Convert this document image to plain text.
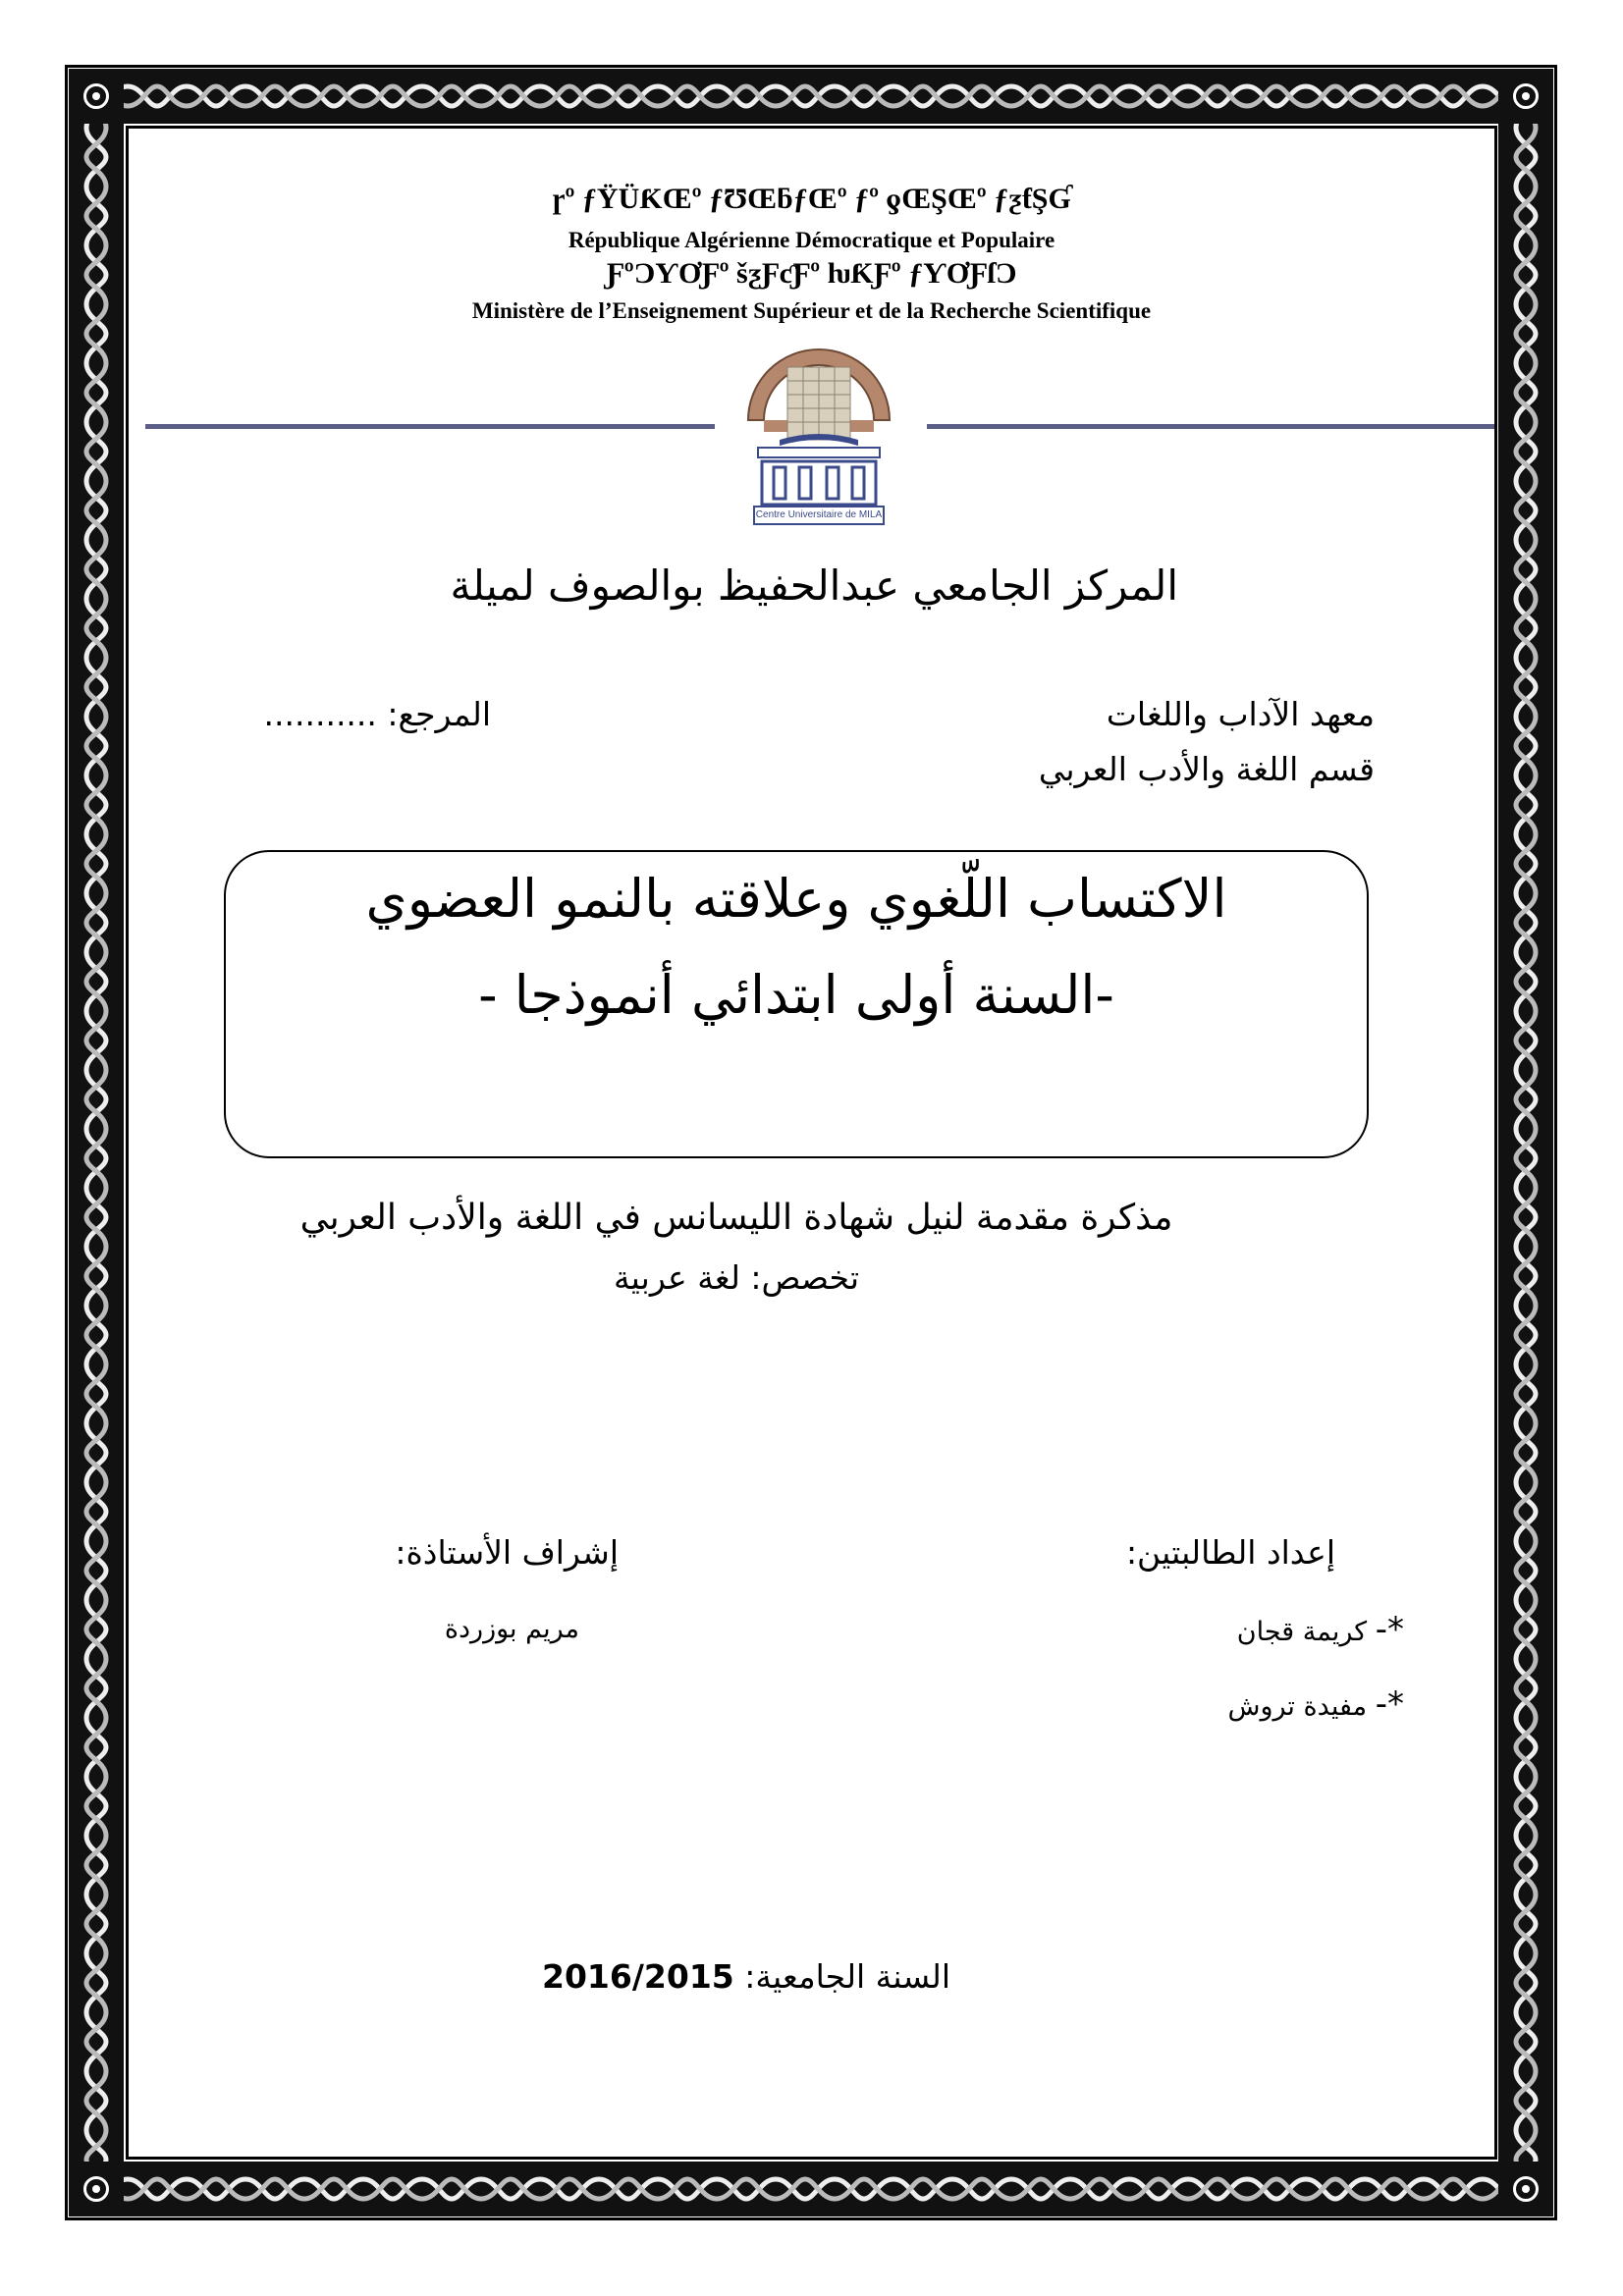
ɼº ƒŸÜƘŒº ƒƱŒƃƒŒº ƒº ƍŒŞŒº ƒƺƭŞƓ
République Algérienne Démocratique et Populaire
ƑºƆƳƠƑº šƺƑƈƑº ƕƘƑº ƒƳƠƑſƆ
Ministère de l’Enseignement Supérieur et de la Recherche Scientifique
Centre Universitaire de MILA
المركز الجامعي عبدالحفيظ بوالصوف لميلة
معهد الآداب واللغات
المرجع: ...........
قسم اللغة والأدب العربي
الاكتساب اللّغوي وعلاقته بالنمو العضوي
-السنة أولى ابتدائي أنموذجا -
مذكرة مقدمة لنيل شهادة الليسانس في اللغة والأدب العربي
تخصص: لغة عربية
إعداد الطالبتين:
*- كريمة قجان
*- مفيدة تروش
إشراف الأستاذة:
مريم بوزردة
السنة الجامعية: 2016/2015
